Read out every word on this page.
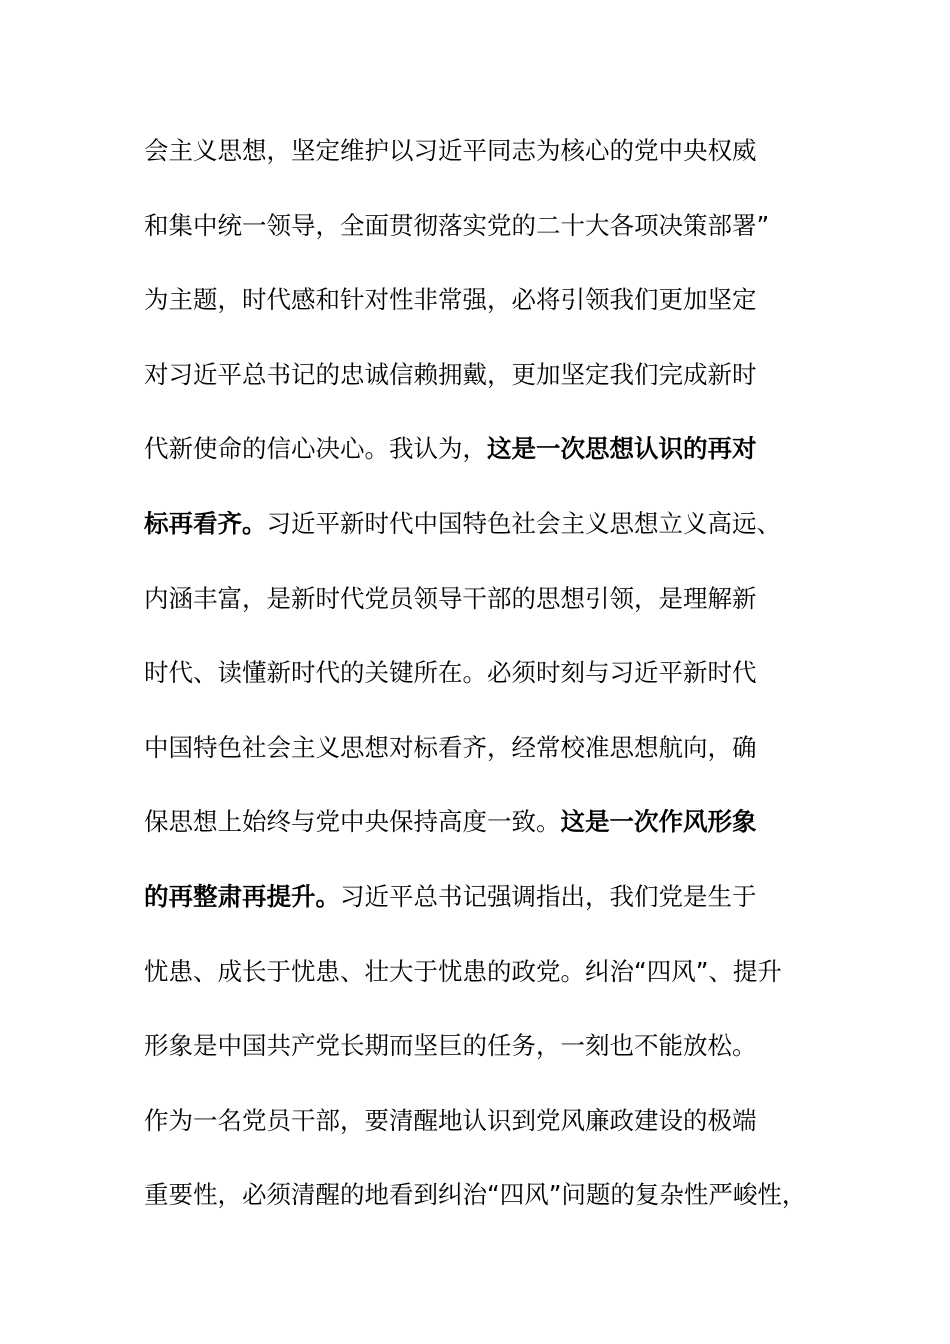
会主义思想，坚定维护以习近平同志为核心的党中央权威
和集中统一领导，全面贯彻落实党的二十大各项决策部署”
为主题，时代感和针对性非常强，必将引领我们更加坚定
对习近平总书记的忠诚信赖拥戴，更加坚定我们完成新时
代新使命的信心决心。我认为，这是一次思想认识的再对
标再看齐。习近平新时代中国特色社会主义思想立义高远、
内涵丰富，是新时代党员领导干部的思想引领，是理解新
时代、读懂新时代的关键所在。必须时刻与习近平新时代
中国特色社会主义思想对标看齐，经常校准思想航向，确
保思想上始终与党中央保持高度一致。这是一次作风形象
的再整肃再提升。习近平总书记强调指出，我们党是生于
忧患、成长于忧患、壮大于忧患的政党。纠治“四风”、提升
形象是中国共产党长期而坚巨的任务，一刻也不能放松。
作为一名党员干部，要清醒地认识到党风廉政建设的极端
重要性，必须清醒的地看到纠治“四风”问题的复杂性严峻性，
